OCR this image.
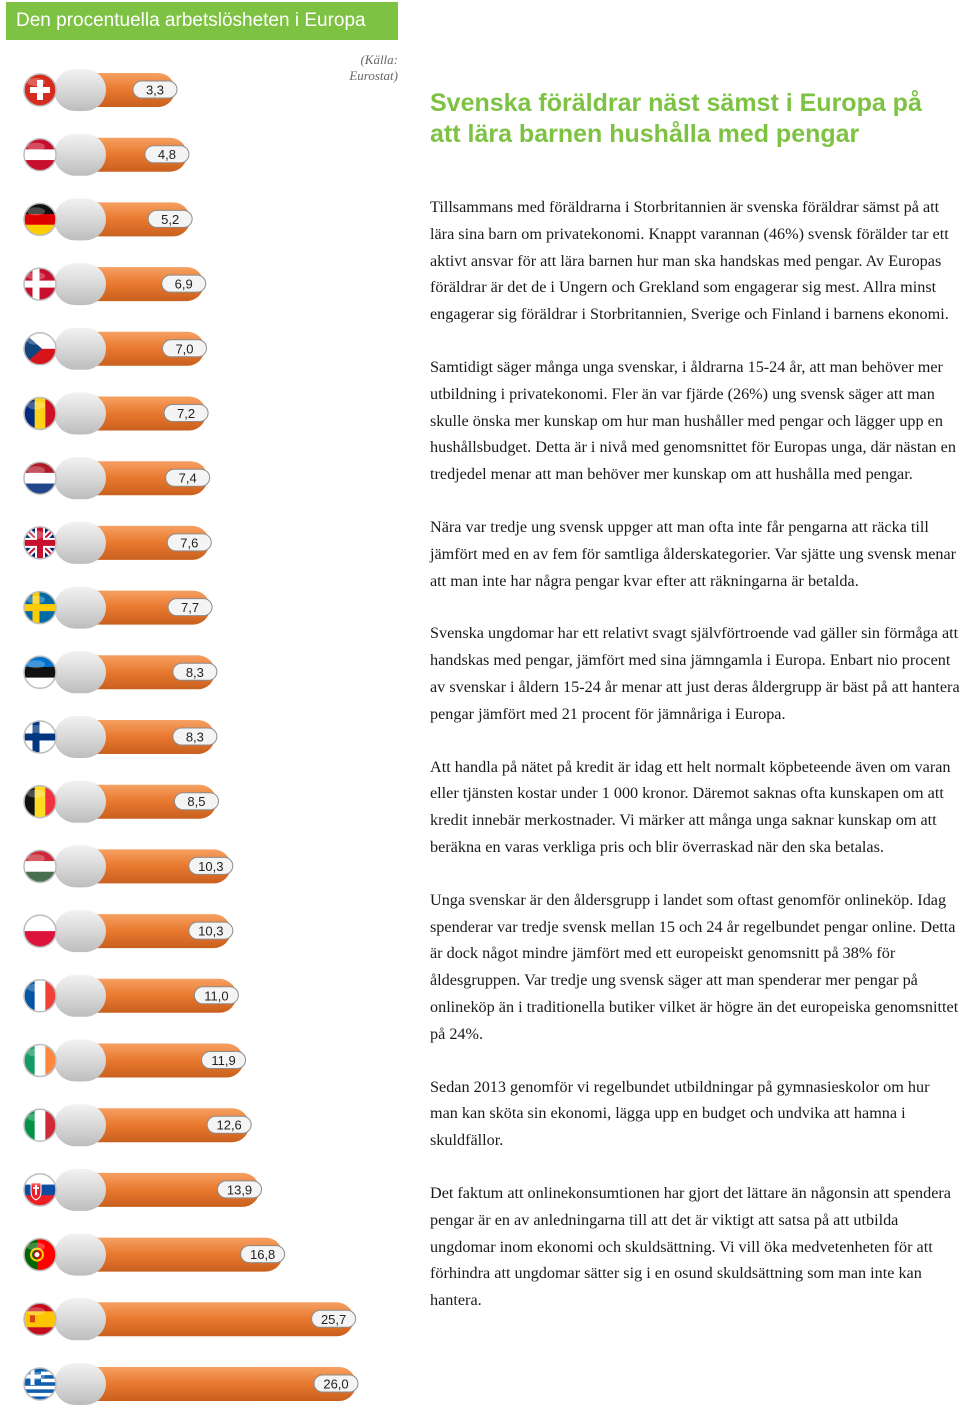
Den procentuella arbetslösheten i Europa (%)	(Källa: Eurostat)
3,3
4,8
5,2
6,9
7,0
7,2
7,4
7,6
7,7
8,3
8,3
8,5
10,3
10,3
11,0
11,9
12,6
13,9
16,8
25,7
26,0
Svenska föräldrar näst sämst i Europa på att lära barnen hushålla med pengar

Tillsammans med föräldrarna i Storbritannien är svenska föräldrar sämst på att lära sina barn om privatekonomi. Knappt varannan (46%) svensk förälder tar ett aktivt ansvar för att lära barnen hur man ska handskas med pengar. Av Europas föräldrar är det de i Ungern och Grekland som engagerar sig mest. Allra minst engagerar sig föräldrar i Storbritannien, Sverige och Finland i barnens ekonomi.

Samtidigt säger många unga svenskar, i åldrarna 15-24 år, att man behöver mer utbildning i privatekonomi. Fler än var fjärde (26%) ung svensk säger att man skulle önska mer kunskap om hur man hushåller med pengar och lägger upp en hushållsbudget. Detta är i nivå med genomsnittet för Europas unga, där nästan en tredjedel menar att man behöver mer kunskap om att hushålla med pengar.

Nära var tredje ung svensk uppger att man ofta inte får pengarna att räcka till jämfört med en av fem för samtliga ålderskategorier. Var sjätte ung svensk menar att man inte har några pengar kvar efter att räkningarna är betalda.

Svenska ungdomar har ett relativt svagt självförtroende vad gäller sin förmåga att handskas med pengar, jämfört med sina jämngamla i Europa. Enbart nio procent av svenskar i åldern 15-24 år menar att just deras åldergrupp är bäst på att hantera pengar jämfört med 21 procent för jämnåriga i Europa.

Att handla på nätet på kredit är idag ett helt normalt köpbeteende även om varan eller tjänsten kostar under 1 000 kronor. Däremot saknas ofta kunskapen om att kredit innebär merkostnader. Vi märker att många unga saknar kunskap om att beräkna en varas verkliga pris och blir överraskad när den ska betalas.

Unga svenskar är den åldersgrupp i landet som oftast genomför onlineköp. Idag spenderar var tredje svensk mellan 15 och 24 år regelbundet pengar online. Detta är dock något mindre jämfört med ett europeiskt genomsnitt på 38% för åldesgruppen. Var tredje ung svensk säger att man spenderar mer pengar på onlineköp än i traditionella butiker vilket är högre än det europeiska genomsnittet på 24%.

Sedan 2013 genomför vi regelbundet utbildningar på gymnasieskolor om hur man kan sköta sin ekonomi, lägga upp en budget och undvika att hamna i skuldfällor.

Det faktum att onlinekonsumtionen har gjort det lättare än någonsin att spendera pengar är en av anledningarna till att det är viktigt att satsa på att utbilda ungdomar inom ekonomi och skuldsättning. Vi vill öka medvetenheten för att förhindra att ungdomar sätter sig i en osund skuldsättning som man inte kan hantera.
